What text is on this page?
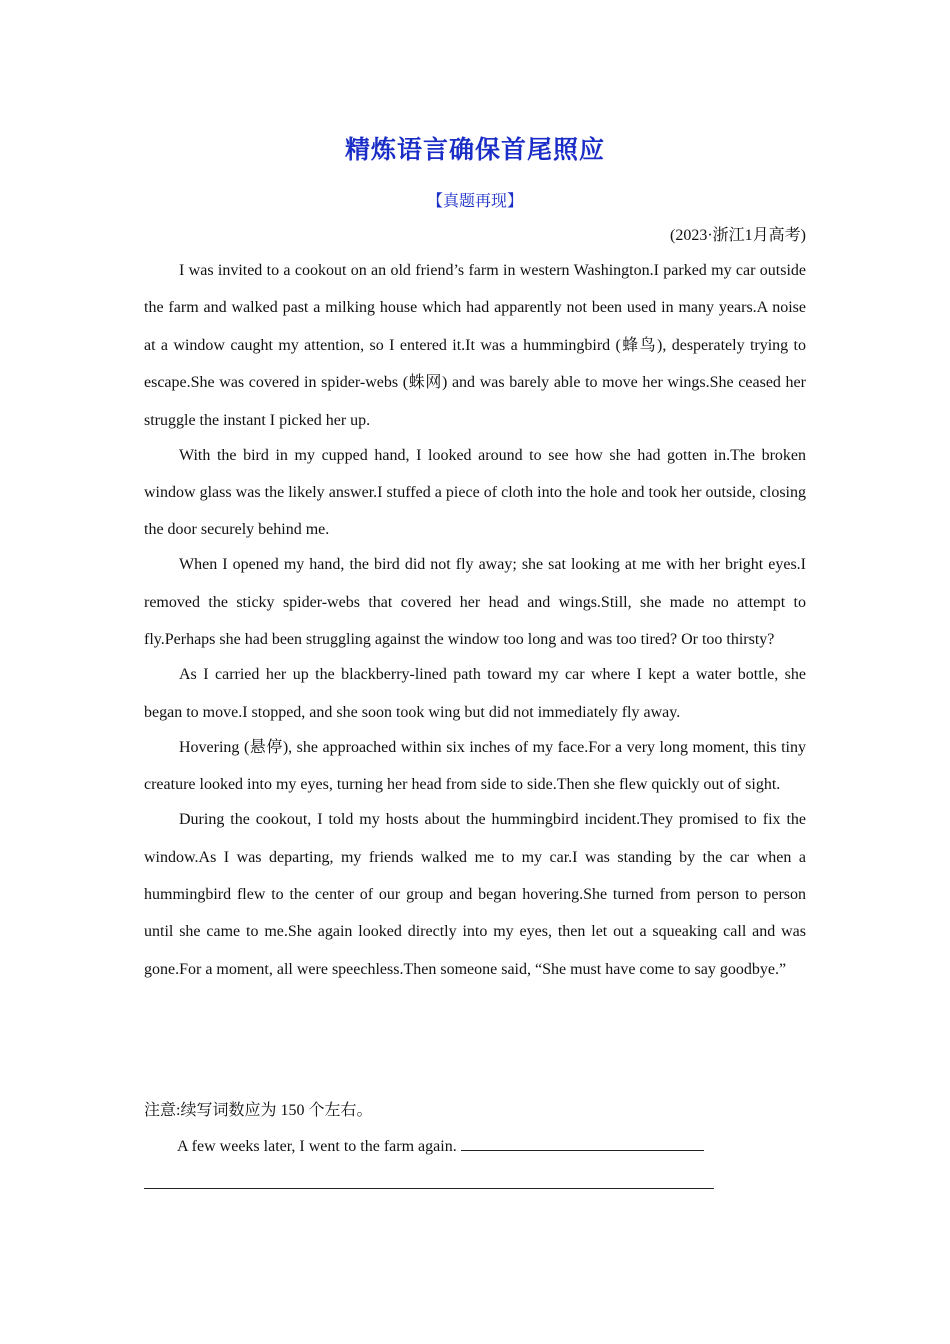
精炼语言确保首尾照应
【真题再现】
(2023·浙江1月高考)

I was invited to a cookout on an old friend’s farm in western Washington.I parked my car outside the farm and walked past a milking house which had apparently not been used in many years.A noise at a window caught my attention, so I entered it.It was a hummingbird (蜂鸟), desperately trying to escape.She was covered in spider-webs (蛛网) and was barely able to move her wings.She ceased her struggle the instant I picked her up.

With the bird in my cupped hand, I looked around to see how she had gotten in.The broken window glass was the likely answer.I stuffed a piece of cloth into the hole and took her outside, closing the door securely behind me.

When I opened my hand, the bird did not fly away; she sat looking at me with her bright eyes.I removed the sticky spider-webs that covered her head and wings.Still, she made no attempt to fly.Perhaps she had been struggling against the window too long and was too tired? Or too thirsty?

As I carried her up the blackberry-lined path toward my car where I kept a water bottle, she began to move.I stopped, and she soon took wing but did not immediately fly away.

Hovering (悬停), she approached within six inches of my face.For a very long moment, this tiny creature looked into my eyes, turning her head from side to side.Then she flew quickly out of sight.

During the cookout, I told my hosts about the hummingbird incident.They promised to fix the window.As I was departing, my friends walked me to my car.I was standing by the car when a hummingbird flew to the center of our group and began hovering.She turned from person to person until she came to me.She again looked directly into my eyes, then let out a squeaking call and was gone.For a moment, all were speechless.Then someone said, “She must have come to say goodbye.”

注意:续写词数应为 150 个左右。
A few weeks later, I went to the farm again.
